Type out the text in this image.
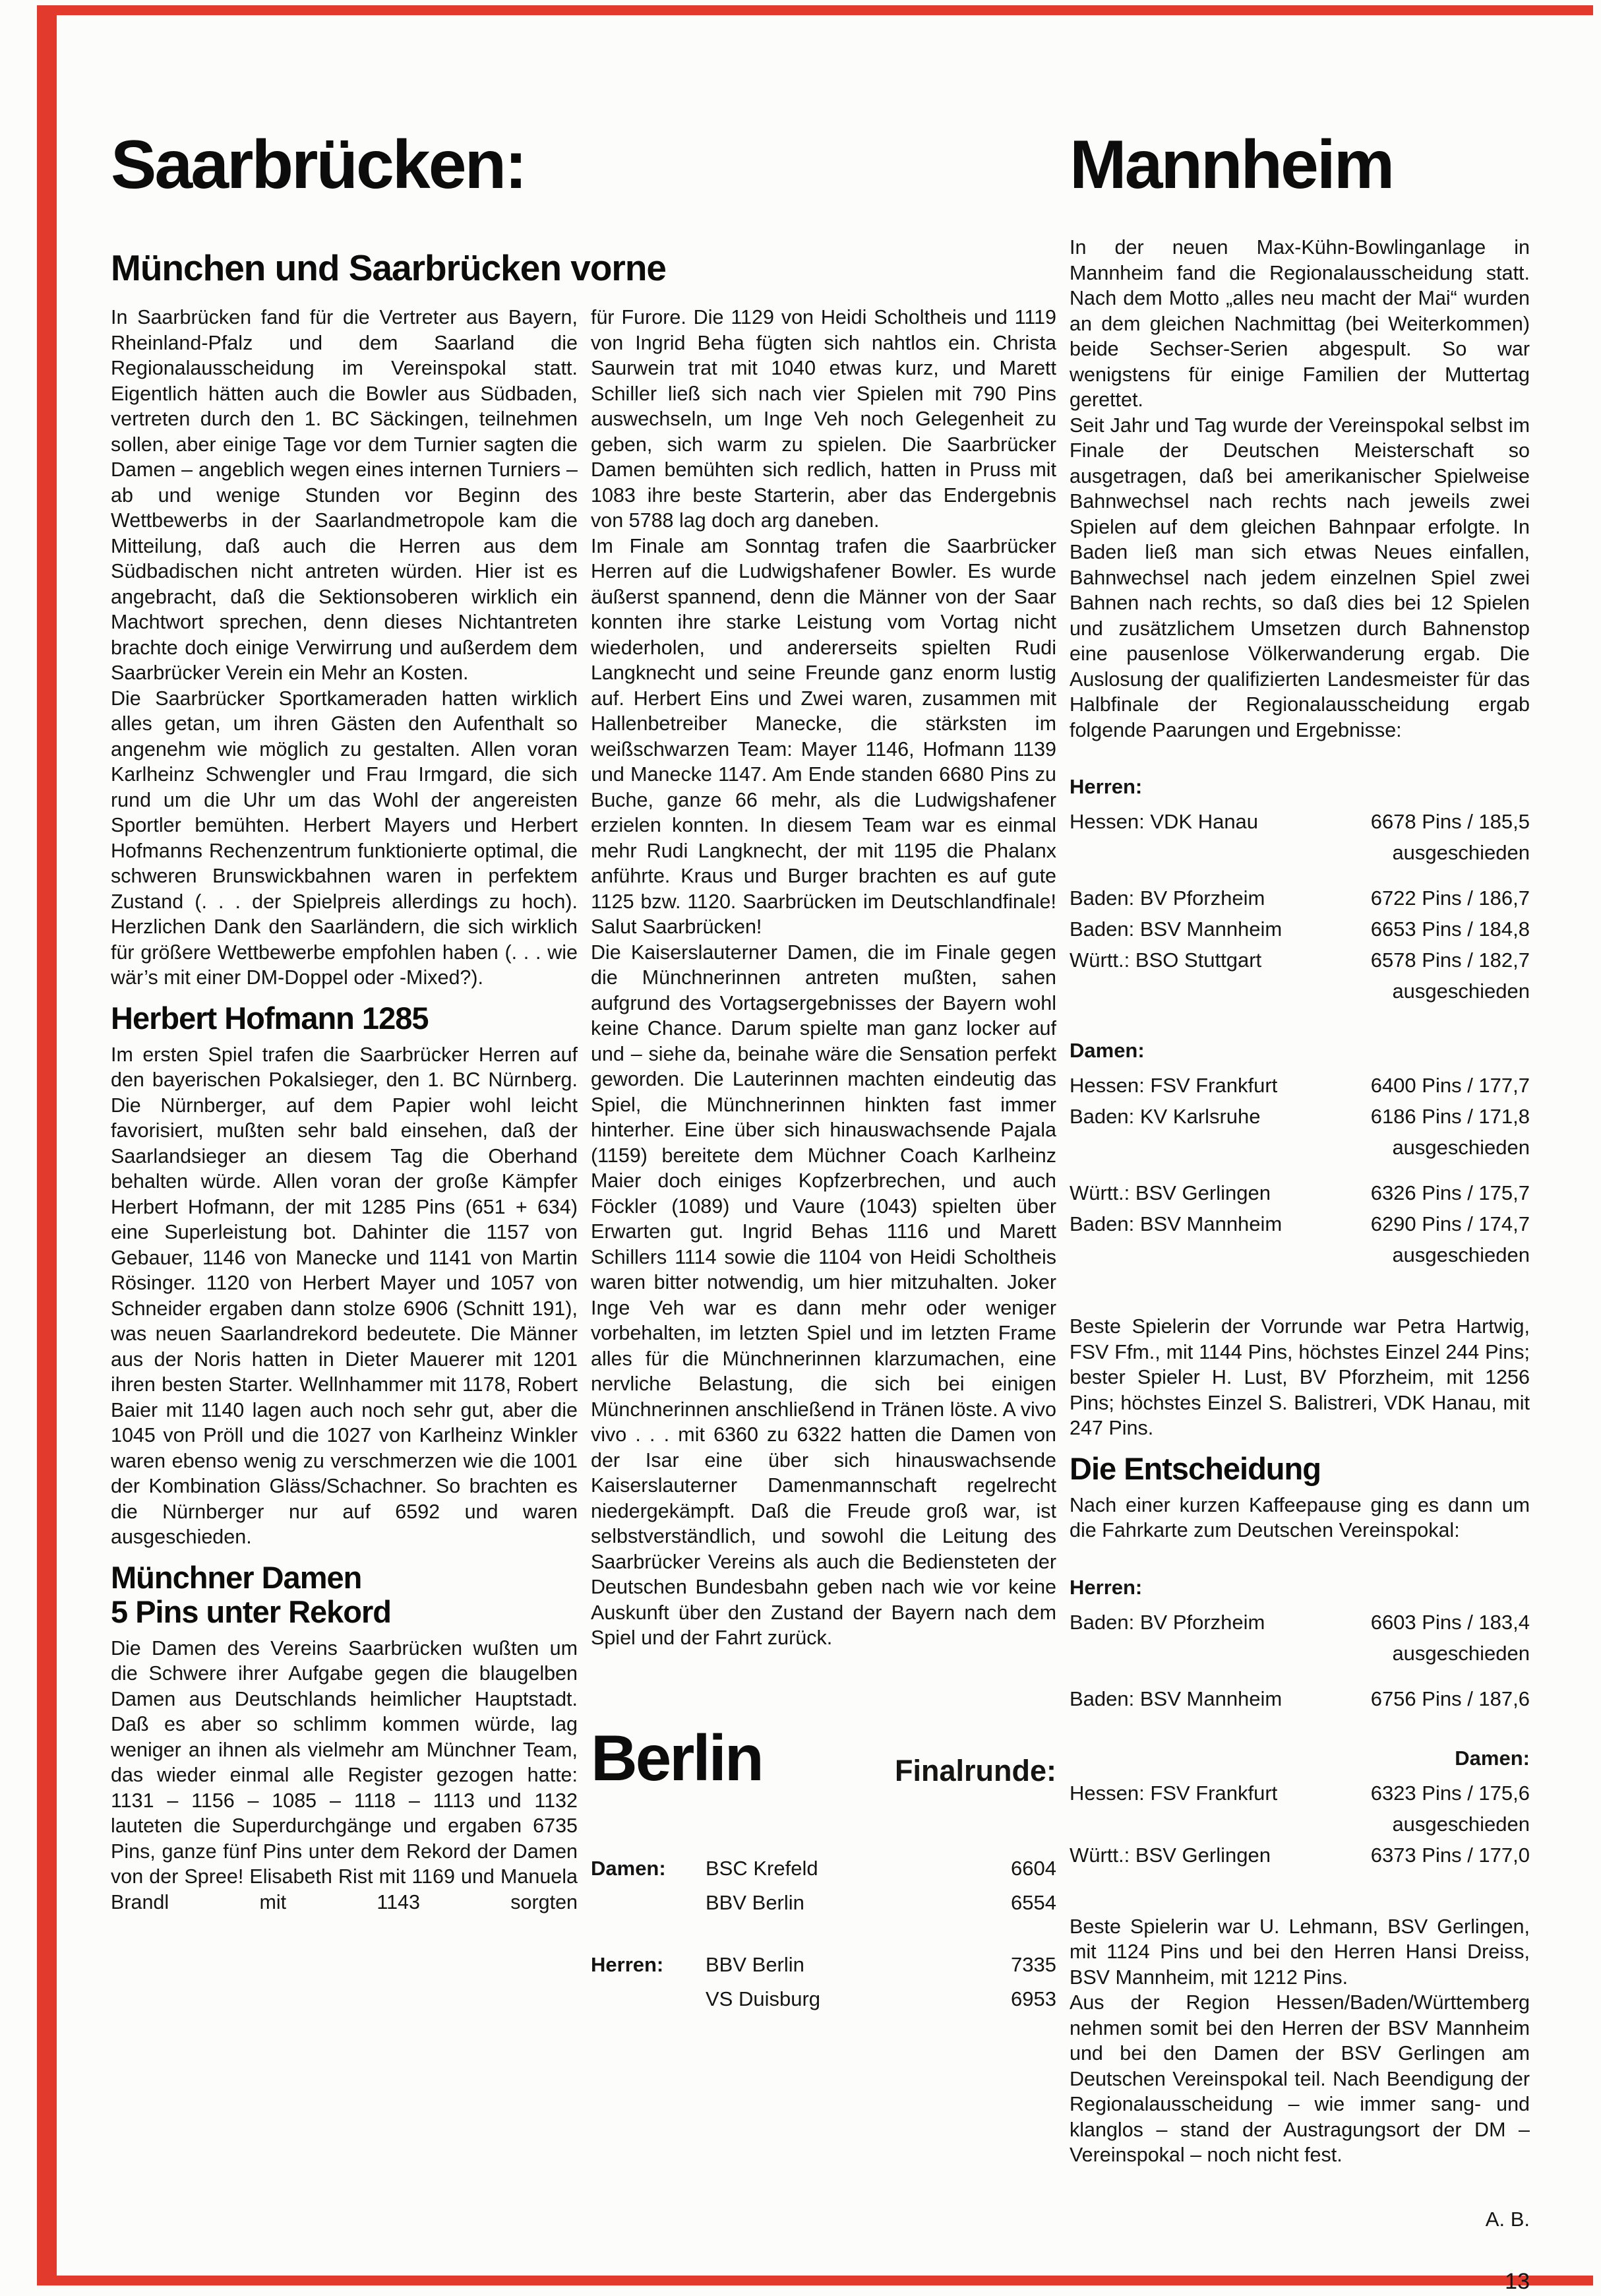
Saarbrücken:
München und Saarbrücken vorne

In Saarbrücken fand für die Vertreter aus Bayern, Rheinland-Pfalz und dem Saarland die Regionalausscheidung im Vereinspokal statt. Eigentlich hätten auch die Bowler aus Südbaden, vertreten durch den 1. BC Säckingen, teilnehmen sollen, aber einige Tage vor dem Turnier sagten die Damen – angeblich wegen eines internen Turniers – ab und wenige Stunden vor Beginn des Wettbewerbs in der Saarlandmetropole kam die Mitteilung, daß auch die Herren aus dem Südbadischen nicht antreten würden. Hier ist es angebracht, daß die Sektionsoberen wirklich ein Machtwort sprechen, denn dieses Nichtantreten brachte doch einige Verwirrung und außerdem dem Saarbrücker Verein ein Mehr an Kosten.

Die Saarbrücker Sportkameraden hatten wirklich alles getan, um ihren Gästen den Aufenthalt so angenehm wie möglich zu gestalten. Allen voran Karlheinz Schwengler und Frau Irmgard, die sich rund um die Uhr um das Wohl der angereisten Sportler bemühten. Herbert Mayers und Herbert Hofmanns Rechenzentrum funktionierte optimal, die schweren Brunswickbahnen waren in perfektem Zustand (. . . der Spielpreis allerdings zu hoch). Herzlichen Dank den Saarländern, die sich wirklich für größere Wettbewerbe empfohlen haben (. . . wie wär’s mit einer DM-Doppel oder -Mixed?).

Herbert Hofmann 1285

Im ersten Spiel trafen die Saarbrücker Herren auf den bayerischen Pokalsieger, den 1. BC Nürnberg. Die Nürnberger, auf dem Papier wohl leicht favorisiert, mußten sehr bald einsehen, daß der Saarlandsieger an diesem Tag die Oberhand behalten würde. Allen voran der große Kämpfer Herbert Hofmann, der mit 1285 Pins (651 + 634) eine Superleistung bot. Dahinter die 1157 von Gebauer, 1146 von Manecke und 1141 von Martin Rösinger. 1120 von Herbert Mayer und 1057 von Schneider ergaben dann stolze 6906 (Schnitt 191), was neuen Saarlandrekord bedeutete. Die Männer aus der Noris hatten in Dieter Mauerer mit 1201 ihren besten Starter. Wellnhammer mit 1178, Robert Baier mit 1140 lagen auch noch sehr gut, aber die 1045 von Pröll und die 1027 von Karlheinz Winkler waren ebenso wenig zu verschmerzen wie die 1001 der Kombination Gläss/Schachner. So brachten es die Nürnberger nur auf 6592 und waren ausgeschieden.

Münchner Damen
5 Pins unter Rekord

Die Damen des Vereins Saarbrücken wußten um die Schwere ihrer Aufgabe gegen die blaugelben Damen aus Deutschlands heimlicher Hauptstadt. Daß es aber so schlimm kommen würde, lag weniger an ihnen als vielmehr am Münchner Team, das wieder einmal alle Register gezogen hatte: 1131 – 1156 – 1085 – 1118 – 1113 und 1132 lauteten die Superdurchgänge und ergaben 6735 Pins, ganze fünf Pins unter dem Rekord der Damen von der Spree! Elisabeth Rist mit 1169 und Manuela Brandl mit 1143 sorgten

für Furore. Die 1129 von Heidi Scholtheis und 1119 von Ingrid Beha fügten sich nahtlos ein. Christa Saurwein trat mit 1040 etwas kurz, und Marett Schiller ließ sich nach vier Spielen mit 790 Pins auswechseln, um Inge Veh noch Gelegenheit zu geben, sich warm zu spielen. Die Saarbrücker Damen bemühten sich redlich, hatten in Pruss mit 1083 ihre beste Starterin, aber das Endergebnis von 5788 lag doch arg daneben.

Im Finale am Sonntag trafen die Saarbrücker Herren auf die Ludwigshafener Bowler. Es wurde äußerst spannend, denn die Männer von der Saar konnten ihre starke Leistung vom Vortag nicht wiederholen, und andererseits spielten Rudi Langknecht und seine Freunde ganz enorm lustig auf. Herbert Eins und Zwei waren, zusammen mit Hallenbetreiber Manecke, die stärksten im weißschwarzen Team: Mayer 1146, Hofmann 1139 und Manecke 1147. Am Ende standen 6680 Pins zu Buche, ganze 66 mehr, als die Ludwigshafener erzielen konnten. In diesem Team war es einmal mehr Rudi Langknecht, der mit 1195 die Phalanx anführte. Kraus und Burger brachten es auf gute 1125 bzw. 1120. Saarbrücken im Deutschlandfinale! Salut Saarbrücken!

Die Kaiserslauterner Damen, die im Finale gegen die Münchnerinnen antreten mußten, sahen aufgrund des Vortagsergebnisses der Bayern wohl keine Chance. Darum spielte man ganz locker auf und – siehe da, beinahe wäre die Sensation perfekt geworden. Die Lauterinnen machten eindeutig das Spiel, die Münchnerinnen hinkten fast immer hinterher. Eine über sich hinauswachsende Pajala (1159) bereitete dem Müchner Coach Karlheinz Maier doch einiges Kopfzerbrechen, und auch Föckler (1089) und Vaure (1043) spielten über Erwarten gut. Ingrid Behas 1116 und Marett Schillers 1114 sowie die 1104 von Heidi Scholtheis waren bitter notwendig, um hier mitzuhalten. Joker Inge Veh war es dann mehr oder weniger vorbehalten, im letzten Spiel und im letzten Frame alles für die Münchnerinnen klarzumachen, eine nervliche Belastung, die sich bei einigen Münchnerinnen anschließend in Tränen löste. A vivo vivo . . . mit 6360 zu 6322 hatten die Damen von der Isar eine über sich hinauswachsende Kaiserslauterner Damenmannschaft regelrecht niedergekämpft. Daß die Freude groß war, ist selbstverständlich, und sowohl die Leitung des Saarbrücker Vereins als auch die Bediensteten der Deutschen Bundesbahn geben nach wie vor keine Auskunft über den Zustand der Bayern nach dem Spiel und der Fahrt zurück.

Berlin	Finalrunde:
Damen:	BSC Krefeld	6604
BBV Berlin	6554
Herren:	BBV Berlin	7335
VS Duisburg	6953
Mannheim

In der neuen Max-Kühn-Bowlinganlage in Mannheim fand die Regionalausscheidung statt. Nach dem Motto „alles neu macht der Mai“ wurden an dem gleichen Nachmittag (bei Weiterkommen) beide Sechser-Serien abgespult. So war wenigstens für einige Familien der Muttertag gerettet.

Seit Jahr und Tag wurde der Vereinspokal selbst im Finale der Deutschen Meisterschaft so ausgetragen, daß bei amerikanischer Spielweise Bahnwechsel nach rechts nach jeweils zwei Spielen auf dem gleichen Bahnpaar erfolgte. In Baden ließ man sich etwas Neues einfallen, Bahnwechsel nach jedem einzelnen Spiel zwei Bahnen nach rechts, so daß dies bei 12 Spielen und zusätzlichem Umsetzen durch Bahnenstop eine pausenlose Völkerwanderung ergab. Die Auslosung der qualifizierten Landesmeister für das Halbfinale der Regionalausscheidung ergab folgende Paarungen und Ergebnisse:

Herren:
Hessen: VDK Hanau	6678 Pins / 185,5
ausgeschieden
Baden: BV Pforzheim	6722 Pins / 186,7
Baden: BSV Mannheim	6653 Pins / 184,8
Württ.: BSO Stuttgart	6578 Pins / 182,7
ausgeschieden
Damen:
Hessen: FSV Frankfurt	6400 Pins / 177,7
Baden: KV Karlsruhe	6186 Pins / 171,8
ausgeschieden
Württ.: BSV Gerlingen	6326 Pins / 175,7
Baden: BSV Mannheim	6290 Pins / 174,7
ausgeschieden

Beste Spielerin der Vorrunde war Petra Hartwig, FSV Ffm., mit 1144 Pins, höchstes Einzel 244 Pins; bester Spieler H. Lust, BV Pforzheim, mit 1256 Pins; höchstes Einzel S. Balistreri, VDK Hanau, mit 247 Pins.

Die Entscheidung

Nach einer kurzen Kaffeepause ging es dann um die Fahrkarte zum Deutschen Vereinspokal:

Herren:
Baden: BV Pforzheim	6603 Pins / 183,4
ausgeschieden
Baden: BSV Mannheim	6756 Pins / 187,6
Damen:
Hessen: FSV Frankfurt	6323 Pins / 175,6
ausgeschieden
Württ.: BSV Gerlingen	6373 Pins / 177,0

Beste Spielerin war U. Lehmann, BSV Gerlingen, mit 1124 Pins und bei den Herren Hansi Dreiss, BSV Mannheim, mit 1212 Pins.

Aus der Region Hessen/Baden/Württemberg nehmen somit bei den Herren der BSV Mannheim und bei den Damen der BSV Gerlingen am Deutschen Vereinspokal teil. Nach Beendigung der Regionalausscheidung – wie immer sang- und klanglos – stand der Austragungsort der DM – Vereinspokal – noch nicht fest.

A. B.
13
